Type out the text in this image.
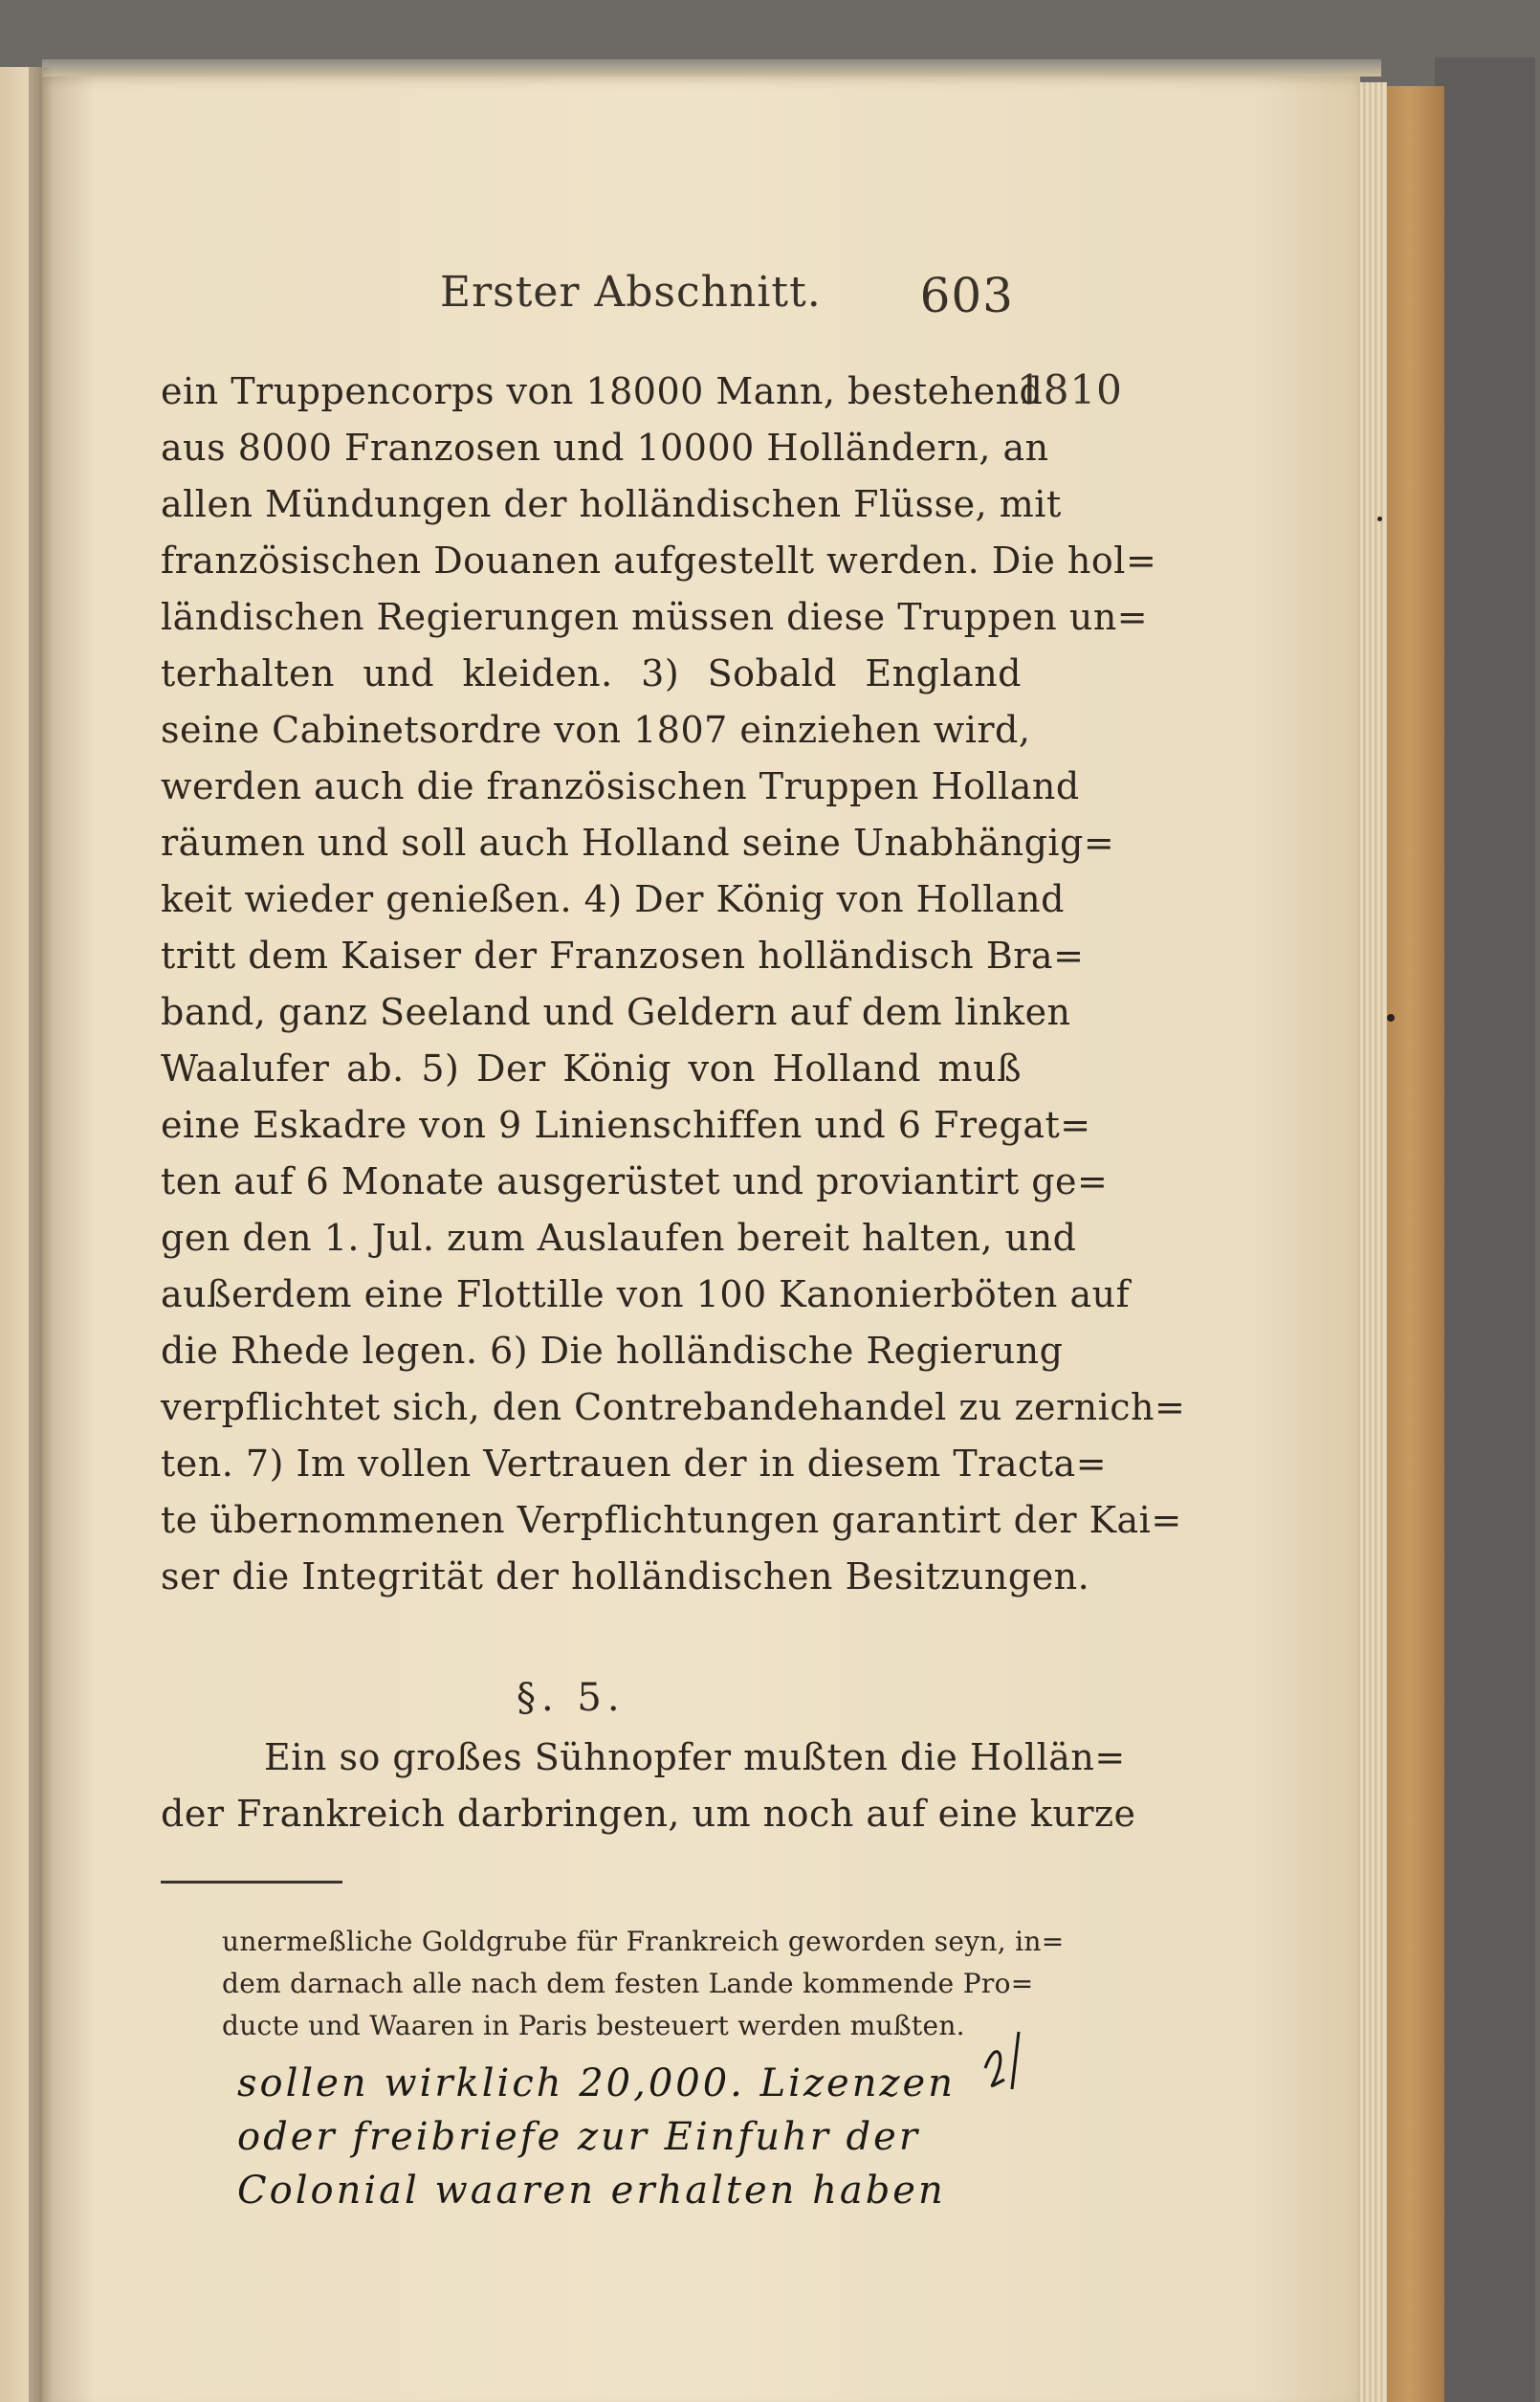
Erster Abschnitt. 603
1810
ein Truppencorps von 18000 Mann, bestehend
aus 8000 Franzosen und 10000 Holländern, an
allen Mündungen der holländischen Flüsse, mit
französischen Douanen aufgestellt werden. Die hol=
ländischen Regierungen müssen diese Truppen un=
terhalten und kleiden. 3) Sobald England
seine Cabinetsordre von 1807 einziehen wird,
werden auch die französischen Truppen Holland
räumen und soll auch Holland seine Unabhängig=
keit wieder genießen. 4) Der König von Holland
tritt dem Kaiser der Franzosen holländisch Bra=
band, ganz Seeland und Geldern auf dem linken
Waalufer ab. 5) Der König von Holland muß
eine Eskadre von 9 Linienschiffen und 6 Fregat=
ten auf 6 Monate ausgerüstet und proviantirt ge=
gen den 1. Jul. zum Auslaufen bereit halten, und
außerdem eine Flottille von 100 Kanonierböten auf
die Rhede legen. 6) Die holländische Regierung
verpflichtet sich, den Contrebandehandel zu zernich=
ten. 7) Im vollen Vertrauen der in diesem Tracta=
te übernommenen Verpflichtungen garantirt der Kai=
ser die Integrität der holländischen Besitzungen.
§. 5.
Ein so großes Sühnopfer mußten die Hollän=
der Frankreich darbringen, um noch auf eine kurze
unermeßliche Goldgrube für Frankreich geworden seyn, in=
dem darnach alle nach dem festen Lande kommende Pro=
ducte und Waaren in Paris besteuert werden mußten.
sollen wirklich 20,000. Lizenzen
oder freibriefe zur Einfuhr der
Colonial waaren erhalten haben
